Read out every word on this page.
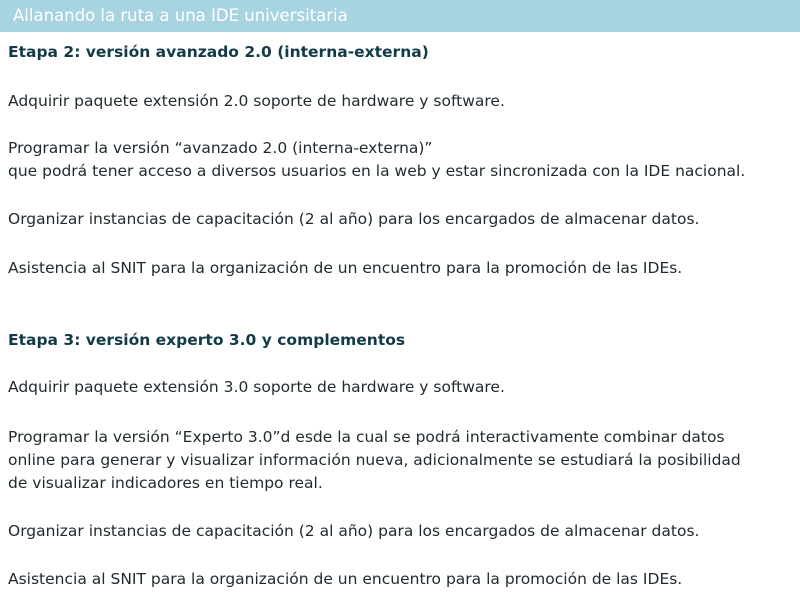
Allanando la ruta a una IDE universitaria
Etapa 2: versión avanzado 2.0 (interna-externa)
Adquirir paquete extensión 2.0 soporte de hardware y software.
Programar la versión “avanzado 2.0 (interna-externa)”
que podrá tener acceso a diversos usuarios en la web y estar sincronizada con la IDE nacional.
Organizar instancias de capacitación (2 al año) para los encargados de almacenar datos.
Asistencia al SNIT para la organización de un encuentro para la promoción de las IDEs.
Etapa 3: versión experto 3.0 y complementos
Adquirir paquete extensión 3.0 soporte de hardware y software.
Programar la versión “Experto 3.0”d esde la cual se podrá interactivamente combinar datos
online para generar y visualizar información nueva, adicionalmente se estudiará la posibilidad
de visualizar indicadores en tiempo real.
Organizar instancias de capacitación (2 al año) para los encargados de almacenar datos.
Asistencia al SNIT para la organización de un encuentro para la promoción de las IDEs.
